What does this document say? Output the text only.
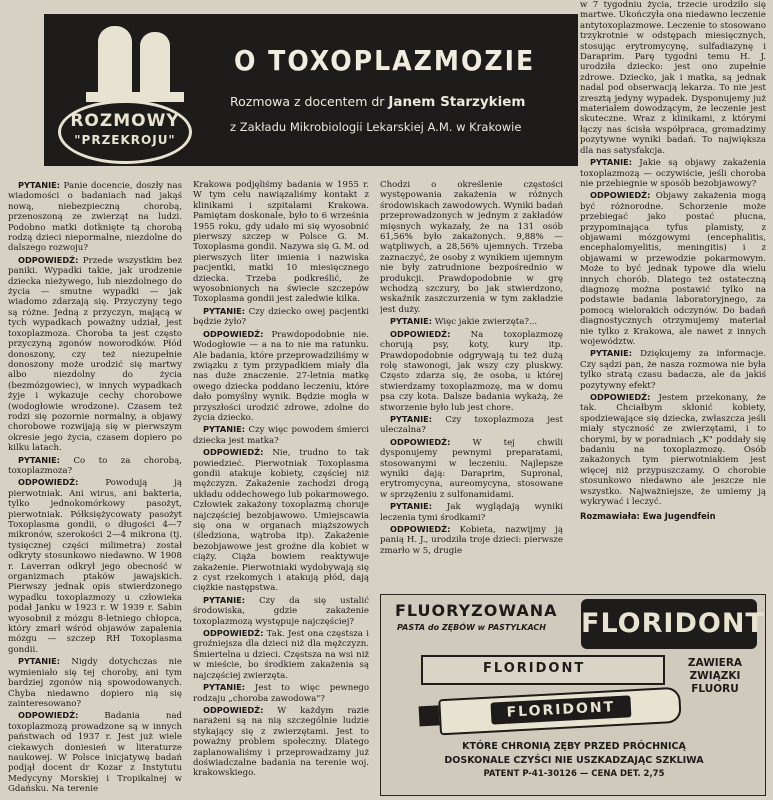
ROZMOWY
"PRZEKROJU"
O TOXOPLAZMOZIE
Rozmowa z docentem dr Janem Starzykiem
z Zakładu Mikrobiologii Lekarskiej A.M. w Krakowie

PYTANIE: Panie docencie, doszły nas wiadomości o badaniach nad jakąś nową, niebezpieczną chorobą, przenoszoną ze zwierząt na ludzi. Podobno matki dotknięte tą chorobą rodzą dzieci niepormalne, niezdolne do dalszego rozwoju?

ODPOWIEDŹ: Przede wszystkim bez paniki. Wypadki takie, jak urodzenie dziecka nieżywego, lub niezdolnego do życia — smutne wypadki — jak wiadomo zdarzają się. Przyczyny tego są różne. Jedną z przyczyn, mającą w tych wypadkach poważny udział, jest toxoplazmoza. Choroba ta jest często przyczyną zgonów noworodków. Płód donoszony, czy też niezupełnie donoszony może urodzić się martwy albo niezdolny do życia (bezmózgowiec), w innych wypadkach żyje i wykazuje cechy chorobowe (wodogłowie wrodzone). Czasem też rodzi się pozornie normalny, a objawy chorobowe rozwijają się w pierwszym okresie jego życia, czasem dopiero po kilku latach.

PYTANIE: Co to za chorobą, toxoplazmoza?

ODPOWIEDŹ: Powodują ją pierwotniak. Ani wirus, ani bakteria, tylko jednokomórkowy pasożyt, pierwotniak. Półksiężycowaty pasożyt Toxoplasma gondii, o długości 4—7 mikronów, szerokości 2—4 mikrona (tj. tysięcznej części milimetra) został odkryty stosunkowo niedawno. W 1908 r. Laverran odkrył jego obecność w organizmach ptaków jawajskich. Pierwszy jednak opis stwierdzonego wypadku toxoplazmozy u człowieka podał Janku w 1923 r. W 1939 r. Sabin wyosobnił z mózgu 8-letniego chłopca, który zmarł wśród objawów zapalenia mózgu — szczep RH Toxoplasma gondii.

PYTANIE: Nigdy dotychczas nie wymieniało się tej choroby, ani tym bardziej zgonów nią spowodowanych. Chyba niedawno dopiero nią się zainteresowano?

ODPOWIEDŹ: Badania nad toxoplazmozą prowadzone są w innych państwach od 1937 r. Jest już wiele ciekawych doniesień w literaturze naukowej. W Polsce inicjatywę badań podjął docent dr Kozar z Instytutu Medycyny Morskiej i Tropikalnej w Gdańsku. Na terenie

Krakowa podjęliśmy badania w 1955 r. W tym celu nawiązaliśmy kontakt z klinikami i szpitalami Krakowa. Pamiętam doskonale, było to 6 września 1955 roku, gdy udało mi się wyosobnić pierwszy szczep w Polsce G. M. Toxoplasma gondii. Nazywa się G. M. od pierwszych liter imienia i nazwiska pacjentki, matki 10 miesięcznego dziecka. Trzeba podkreślić, że wyosobnionych na świecie szczepów Toxoplasma gondii jest zaledwie kilka.

PYTANIE: Czy dziecko owej pacjentki będzie żyło?

ODPOWIEDŹ: Prawdopodobnie nie. Wodogłowie — a na to nie ma ratunku. Ale badania, które przeprowadziliśmy w związku z tym przypadkiem miały dla nas duże znaczenie. 27-letnia matkę owego dziecka poddano leczeniu, które dało pomyślny wynik. Będzie mogła w przyszłości urodzić zdrowe, zdolne do życia dziecko.

PYTANIE: Czy więc powodem śmierci dziecka jest matka?

ODPOWIEDŹ: Nie, trudno to tak powiedzieć. Pierwotniak Toxoplasma gondii atakuje kobiety, częściej niż mężczyzn. Zakażenie zachodzi drogą układu oddechowego lub pokarmowego. Człowiek zakażony toxoplazmą choruje najczęściej bezobjawowo. Umiejscawia się ona w organach miąższowych (śledziona, wątroba itp). Zakażenie bezobjawowe jest groźne dla kobiet w ciąży. Ciąża bowiem reaktywuje zakażenie. Pierwotniaki wydobywają się z cyst rzekomych i atakują płód, dają ciężkie następstwa.

PYTANIE: Czy da się ustalić środowiska, gdzie zakażenie toxoplazmozą występuje najczęściej?

ODPOWIEDŹ: Tak. Jest ona częstsza i groźniejsza dla dzieci niż dla mężczyzn. Śmiertelna u dzieci. Częstsza na wsi niż w mieście, bo środkiem zakażenia są najczęściej zwierzęta.

PYTANIE: Jest to więc pewnego rodzaju „choroba zawodowa"?

ODPOWIEDŹ: W każdym razie narażeni są na nią szczególnie ludzie stykający się z zwierzętami. Jest to poważny problem społeczny. Dlatego zaplanowaliśmy i przeprowadzamy już doświadczalne badania na terenie woj. krakowskiego.

Chodzi o określenie częstości występowania zakażenia w różnych środowiskach zawodowych. Wyniki badań przeprowadzonych w jednym z zakładów mięsnych wykazały, że na 131 osób 61,56% było zakażonych. 9,88% — wątpliwych, a 28,56% ujemnych. Trzeba zaznaczyć, że osoby z wynikiem ujemnym nie były zatrudnione bezpośrednio w produkcji. Prawdopodobnie w grę wchodzą szczury, bo jak stwierdzono, wskaźnik zaszczurzenia w tym zakładzie jest duży.

PYTANIE: Więc jakie zwierzęta?...

ODPOWIEDŹ: Na toxoplazmozę chorują psy, koty, kury itp. Prawdopodobnie odgrywają tu też dużą rolę stawonogi, jak wszy czy pluskwy. Często zdarza się, że osoba, u której stwierdzamy toxoplazmozę, ma w domu psa czy kota. Dalsze badania wykażą, że stworzenie było lub jest chore.

PYTANIE: Czy toxoplazmoza jest uleczalna?

ODPOWIEDŹ: W tej chwili dysponujemy pewnymi preparatami, stosowanymi w leczeniu. Najlepsze wyniki dają: Daraprim, Supronal, erytromycyna, aureomycyna, stosowane w sprzężeniu z sulfonamidami.

PYTANIE: Jak wyglądają wyniki leczenia tymi środkami?

ODPOWIEDŹ: Kobieta, nazwijmy ją panią H. J., urodziła troje dzieci: pierwsze zmarło w 5, drugie

w 7 tygodniu życia, trzecie urodziło się martwe. Ukończyła ona niedawno leczenie antytoxoplazmowe. Leczenie to stosowano trzykrotnie w odstępach miesięcznych, stosując erytromycynę, sulfadiazynę i Daraprim. Parę tygodni temu H. J. urodziła dziecko: jest ono zupełnie zdrowe. Dziecko, jak i matka, są jednak nadal pod obserwacją lekarza. To nie jest zresztą jedyny wypadek. Dysponujemy już materiałem dowodzącym, że leczenie jest skuteczne. Wraz z klinikami, z którymi łączy nas ścisła współpraca, gromadzimy pozytywne wyniki badań. To największa dla nas satysfakcja.

PYTANIE: Jakie są objawy zakażenia toxoplazmozą — oczywiście, jeśli choroba nie przebiegnie w sposób bezobjawowy?

ODPOWIEDŹ: Objawy zakażenia mogą być różnorodne. Schorzenie może przebiegać jako postać płucna, przypominająca tyfus plamisty, z objawami mózgowymi (encephalitis, encephalomyelitis, meningitis) i z objawami w przewodzie pokarmowym. Może to być jednak typowe dla wielu innych chorób. Dlatego też ostateczną diagnozę można postawić tylko na podstawie badania laboratoryjnego, za pomocą wielorakich odczynów. Do badań diagnostycznych otrzymujemy materiał nie tylko z Krakowa, ale nawet z innych województw.

PYTANIE: Dziękujemy za informacje. Czy sądzi pan, że nasza rozmowa nie była tylko stratą czasu badacza, ale da jakiś pozytywny efekt?

ODPOWIEDŹ: Jestem przekonany, że tak. Chciałbym skłonić kobiety, spodziewające się dziecka, zwłaszcza jeśli miały styczność ze zwierzętami, i to chorymi, by w poradniach „K" poddały się badaniu na toxoplazmozę. Osób zakażonych tym pierwotniakiem jest więcej niż przypuszczamy. O chorobie stosunkowo niedawno ale jeszcze nie wszystko. Najważniejsze, że umiemy ją wykrywać i leczyć.

Rozmawiała: Ewa Jugendfein

FLUORYZOWANA
PASTA do ZĘBÓW w PASTYLKACH FLORIDONT
FLORIDONT
FLORIDONT
ZAWIERA
ZWIĄZKI
FLUORU
KTÓRE CHRONIĄ ZĘBY PRZED PRÓCHNICĄ
DOSKONALE CZYŚCI NIE USZKADZAJĄC SZKLIWA
PATENT P-41-30126 — CENA DET. 2,75
